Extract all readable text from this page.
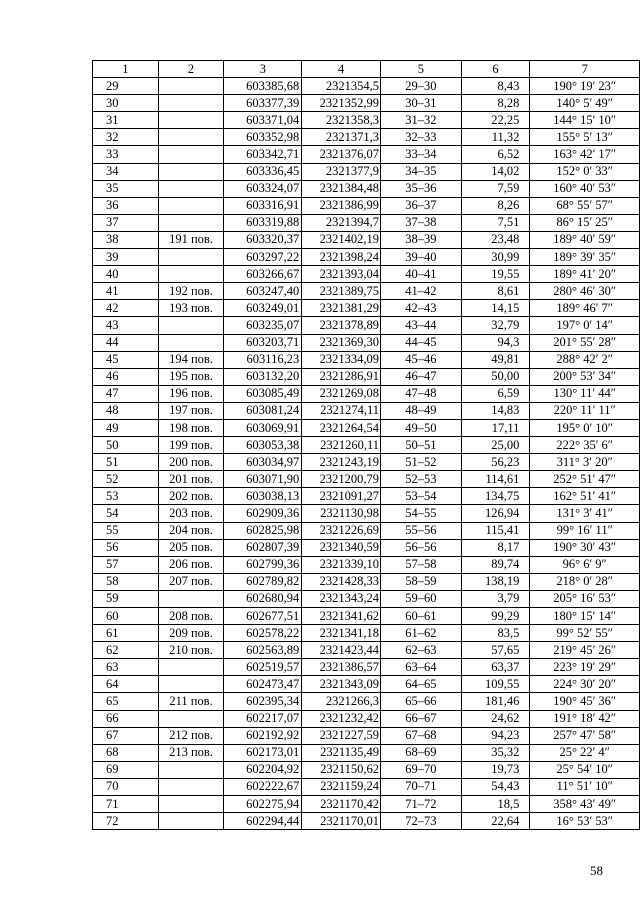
1	2	3	4	5	6	7
29		603385,68	2321354,5	29–30	8,43	190° 19′ 23″
30		603377,39	2321352,99	30–31	8,28	140° 5′ 49″
31		603371,04	2321358,3	31–32	22,25	144° 15′ 10″
32		603352,98	2321371,3	32–33	11,32	155° 5′ 13″
33		603342,71	2321376,07	33–34	6,52	163° 42′ 17″
34		603336,45	2321377,9	34–35	14,02	152° 0′ 33″
35		603324,07	2321384,48	35–36	7,59	160° 40′ 53″
36		603316,91	2321386,99	36–37	8,26	68° 55′ 57″
37		603319,88	2321394,7	37–38	7,51	86° 15′ 25″
38	191 пов.	603320,37	2321402,19	38–39	23,48	189° 40′ 59″
39		603297,22	2321398,24	39–40	30,99	189° 39′ 35″
40		603266,67	2321393,04	40–41	19,55	189° 41′ 20″
41	192 пов.	603247,40	2321389,75	41–42	8,61	280° 46′ 30″
42	193 пов.	603249,01	2321381,29	42–43	14,15	189° 46′ 7″
43		603235,07	2321378,89	43–44	32,79	197° 0′ 14″
44		603203,71	2321369,30	44–45	94,3	201° 55′ 28″
45	194 пов.	603116,23	2321334,09	45–46	49,81	288° 42′ 2″
46	195 пов.	603132,20	2321286,91	46–47	50,00	200° 53′ 34″
47	196 пов.	603085,49	2321269,08	47–48	6,59	130° 11′ 44″
48	197 пов.	603081,24	2321274,11	48–49	14,83	220° 11′ 11″
49	198 пов.	603069,91	2321264,54	49–50	17,11	195° 0′ 10″
50	199 пов.	603053,38	2321260,11	50–51	25,00	222° 35′ 6″
51	200 пов.	603034,97	2321243,19	51–52	56,23	311° 3′ 20″
52	201 пов.	603071,90	2321200,79	52–53	114,61	252° 51′ 47″
53	202 пов.	603038,13	2321091,27	53–54	134,75	162° 51′ 41″
54	203 пов.	602909,36	2321130,98	54–55	126,94	131° 3′ 41″
55	204 пов.	602825,98	2321226,69	55–56	115,41	99° 16′ 11″
56	205 пов.	602807,39	2321340,59	56–56	8,17	190° 30′ 43″
57	206 пов.	602799,36	2321339,10	57–58	89,74	96° 6′ 9″
58	207 пов.	602789,82	2321428,33	58–59	138,19	218° 0′ 28″
59		602680,94	2321343,24	59–60	3,79	205° 16′ 53″
60	208 пов.	602677,51	2321341,62	60–61	99,29	180° 15′ 14″
61	209 пов.	602578,22	2321341,18	61–62	83,5	99° 52′ 55″
62	210 пов.	602563,89	2321423,44	62–63	57,65	219° 45′ 26″
63		602519,57	2321386,57	63–64	63,37	223° 19′ 29″
64		602473,47	2321343,09	64–65	109,55	224° 30′ 20″
65	211 пов.	602395,34	2321266,3	65–66	181,46	190° 45′ 36″
66		602217,07	2321232,42	66–67	24,62	191° 18′ 42″
67	212 пов.	602192,92	2321227,59	67–68	94,23	257° 47′ 58″
68	213 пов.	602173,01	2321135,49	68–69	35,32	25° 22′ 4″
69		602204,92	2321150,62	69–70	19,73	25° 54′ 10″
70		602222,67	2321159,24	70–71	54,43	11° 51′ 10″
71		602275,94	2321170,42	71–72	18,5	358° 43′ 49″
72		602294,44	2321170,01	72–73	22,64	16° 53′ 53″
58
